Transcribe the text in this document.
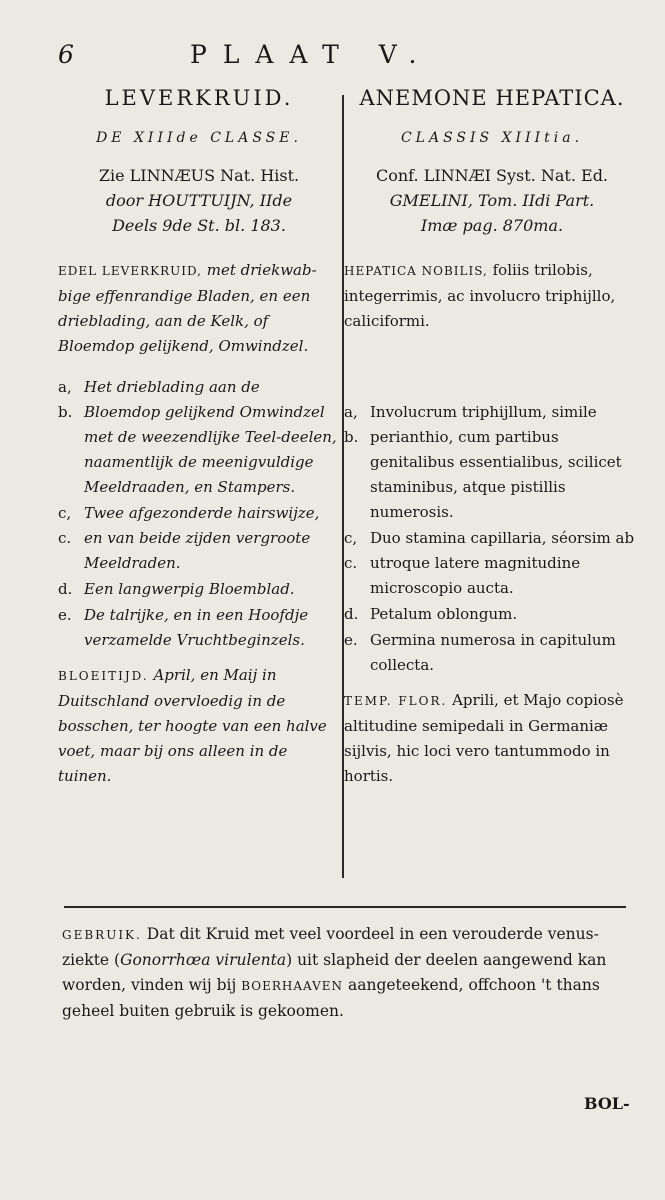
6	PLAAT V.
LEVERKRUID.
DE XIIIde CLASSE.
Zie LINNÆUS Nat. Hist.
door HOUTTUIJN, IIde
Deels 9de St. bl. 183.
EDEL LEVERKRUID, met driekwab-bige effenrandige Bladen, en een drieblading, aan de Kelk, of Bloemdop gelijkend, Omwindzel.
a, b.
Het drieblading aan de Bloemdop gelijkend Omwindzel met de weezendlijke Teel-deelen, naamentlijk de meenigvuldige Meeldraaden, en Stampers.
c, c.
Twee afgezonderde hairswijze, en van beide zijden vergroote Meeldraden.
d. Een langwerpig Bloemblad.
e. De talrijke, en in een Hoofdje verzamelde Vruchtbeginzels.
BLOEITIJD. April, en Maij in Duitschland overvloedig in de bosschen, ter hoogte van een halve voet, maar bij ons alleen in de tuinen.
ANEMONE HEPATICA.
CLASSIS XIIItia.
Conf. LINNÆI Syst. Nat. Ed.
GMELINI, Tom. IIdi Part.
Imæ pag. 870ma.
HEPATICA NOBILIS, foliis trilobis, integerrimis, ac involucro triphijllo, caliciformi.
a, b.
Involucrum triphijllum, simile perianthio, cum partibus genitalibus essentialibus, scilicet staminibus, atque pistillis numerosis.
c, c.
Duo stamina capillaria, séorsim ab utroque latere magnitudine microscopio aucta.
d. Petalum oblongum.
e. Germina numerosa in capitulum collecta.
TEMP. FLOR. Aprili, et Majo copiosè altitudine semipedali in Germaniæ sijlvis, hic loci vero tantummodo in hortis.
GEBRUIK. Dat dit Kruid met veel voordeel in een verouderde venus-ziekte (Gonorrhœa virulenta) uit slapheid der deelen aangewend kan worden, vinden wij bij BOERHAAVEN aangeteekend, offchoon 't thans geheel buiten gebruik is gekoomen.
BOL-
